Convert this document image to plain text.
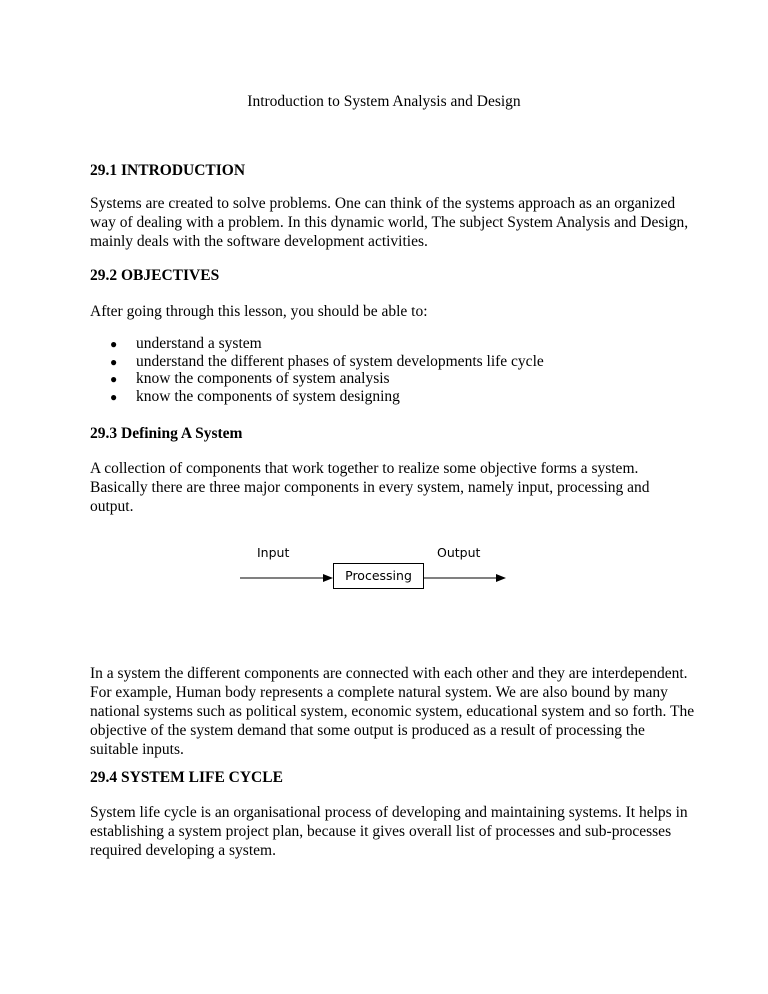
Introduction to System Analysis and Design
29.1 INTRODUCTION
Systems are created to solve problems. One can think of the systems approach as an organized
way of dealing with a problem. In this dynamic world, The subject System Analysis and Design,
mainly deals with the software development activities.
29.2 OBJECTIVES
After going through this lesson, you should be able to:
● understand a system
● understand the different phases of system developments life cycle
● know the components of system analysis
● know the components of system designing
29.3 Defining A System
A collection of components that work together to realize some objective forms a system.
Basically there are three major components in every system, namely input, processing and
output.
Input	Output
Processing
In a system the different components are connected with each other and they are interdependent.
For example, Human body represents a complete natural system. We are also bound by many
national systems such as political system, economic system, educational system and so forth. The
objective of the system demand that some output is produced as a result of processing the
suitable inputs.
29.4 SYSTEM LIFE CYCLE
System life cycle is an organisational process of developing and maintaining systems. It helps in
establishing a system project plan, because it gives overall list of processes and sub-processes
required developing a system.
